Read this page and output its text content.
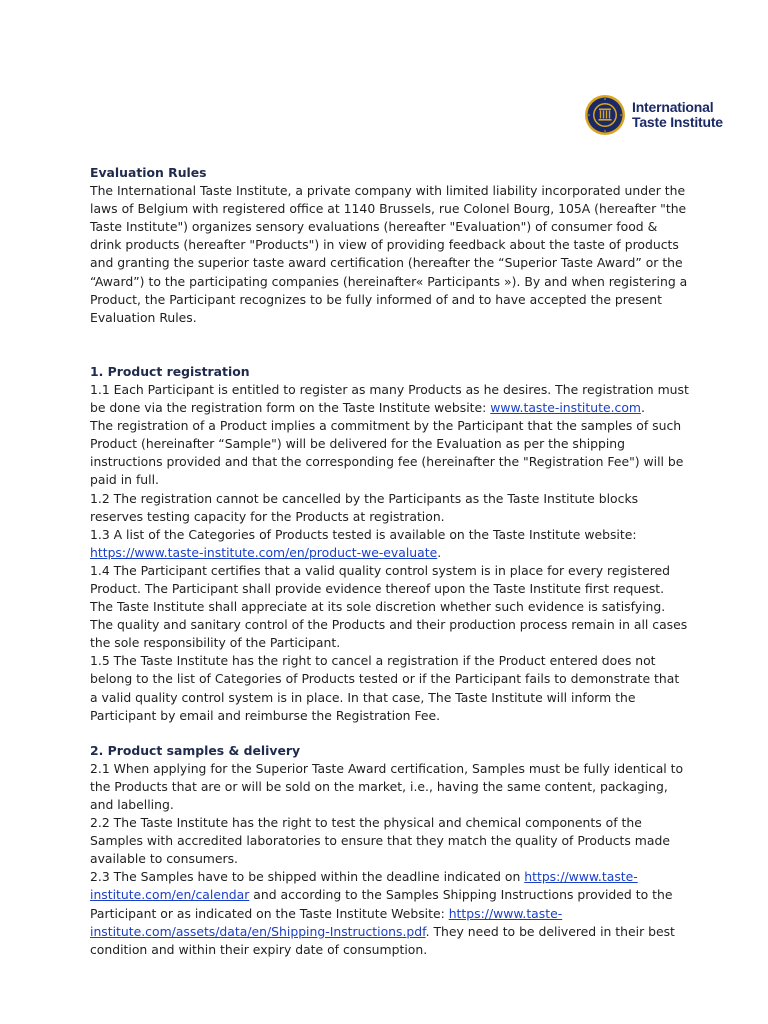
International
Taste Institute

Evaluation Rules

The International Taste Institute, a private company with limited liability incorporated under the laws of Belgium with registered office at 1140 Brussels, rue Colonel Bourg, 105A (hereafter "the Taste Institute") organizes sensory evaluations (hereafter "Evaluation") of consumer food & drink products (hereafter "Products") in view of providing feedback about the taste of products and granting the superior taste award certification (hereafter the “Superior Taste Award” or the “Award”) to the participating companies (hereinafter« Participants »). By and when registering a Product, the Participant recognizes to be fully informed of and to have accepted the present Evaluation Rules.

1. Product registration

1.1 Each Participant is entitled to register as many Products as he desires. The registration must be done via the registration form on the Taste Institute website: www.taste-institute.com.

The registration of a Product implies a commitment by the Participant that the samples of such Product (hereinafter “Sample") will be delivered for the Evaluation as per the shipping instructions provided and that the corresponding fee (hereinafter the "Registration Fee") will be paid in full.

1.2 The registration cannot be cancelled by the Participants as the Taste Institute blocks reserves testing capacity for the Products at registration.

1.3 A list of the Categories of Products tested is available on the Taste Institute website: https://www.taste-institute.com/en/product-we-evaluate.

1.4 The Participant certifies that a valid quality control system is in place for every registered Product. The Participant shall provide evidence thereof upon the Taste Institute first request. The Taste Institute shall appreciate at its sole discretion whether such evidence is satisfying. The quality and sanitary control of the Products and their production process remain in all cases the sole responsibility of the Participant.

1.5 The Taste Institute has the right to cancel a registration if the Product entered does not belong to the list of Categories of Products tested or if the Participant fails to demonstrate that a valid quality control system is in place. In that case, The Taste Institute will inform the Participant by email and reimburse the Registration Fee.

2. Product samples & delivery

2.1 When applying for the Superior Taste Award certification, Samples must be fully identical to the Products that are or will be sold on the market, i.e., having the same content, packaging, and labelling.

2.2 The Taste Institute has the right to test the physical and chemical components of the Samples with accredited laboratories to ensure that they match the quality of Products made available to consumers.

2.3 The Samples have to be shipped within the deadline indicated on https://www.taste-institute.com/en/calendar and according to the Samples Shipping Instructions provided to the Participant or as indicated on the Taste Institute Website: https://www.taste-institute.com/assets/data/en/Shipping-Instructions.pdf. They need to be delivered in their best condition and within their expiry date of consumption.
